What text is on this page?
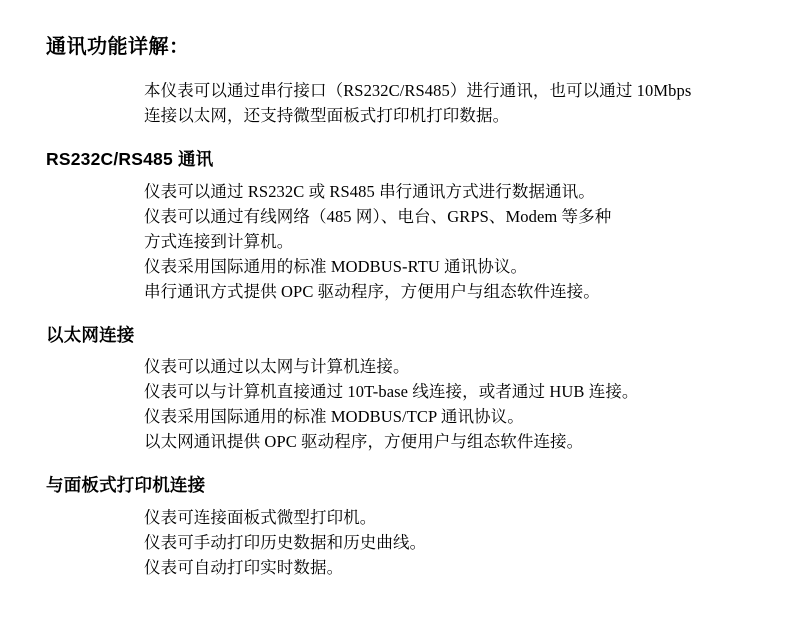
通讯功能详解：

本仪表可以通过串行接口（RS232C/RS485）进行通讯，也可以通过 10Mbps 连接以太网，还支持微型面板式打印机打印数据。

RS232C/RS485 通讯

仪表可以通过 RS232C 或 RS485 串行通讯方式进行数据通讯。

仪表可以通过有线网络（485 网）、电台、GRPS、Modem 等多种

方式连接到计算机。

仪表采用国际通用的标准 MODBUS-RTU 通讯协议。

串行通讯方式提供 OPC 驱动程序，方便用户与组态软件连接。

以太网连接

仪表可以通过以太网与计算机连接。

仪表可以与计算机直接通过 10T-base 线连接，或者通过 HUB 连接。

仪表采用国际通用的标准 MODBUS/TCP 通讯协议。

以太网通讯提供 OPC 驱动程序，方便用户与组态软件连接。

与面板式打印机连接

仪表可连接面板式微型打印机。

仪表可手动打印历史数据和历史曲线。

仪表可自动打印实时数据。
